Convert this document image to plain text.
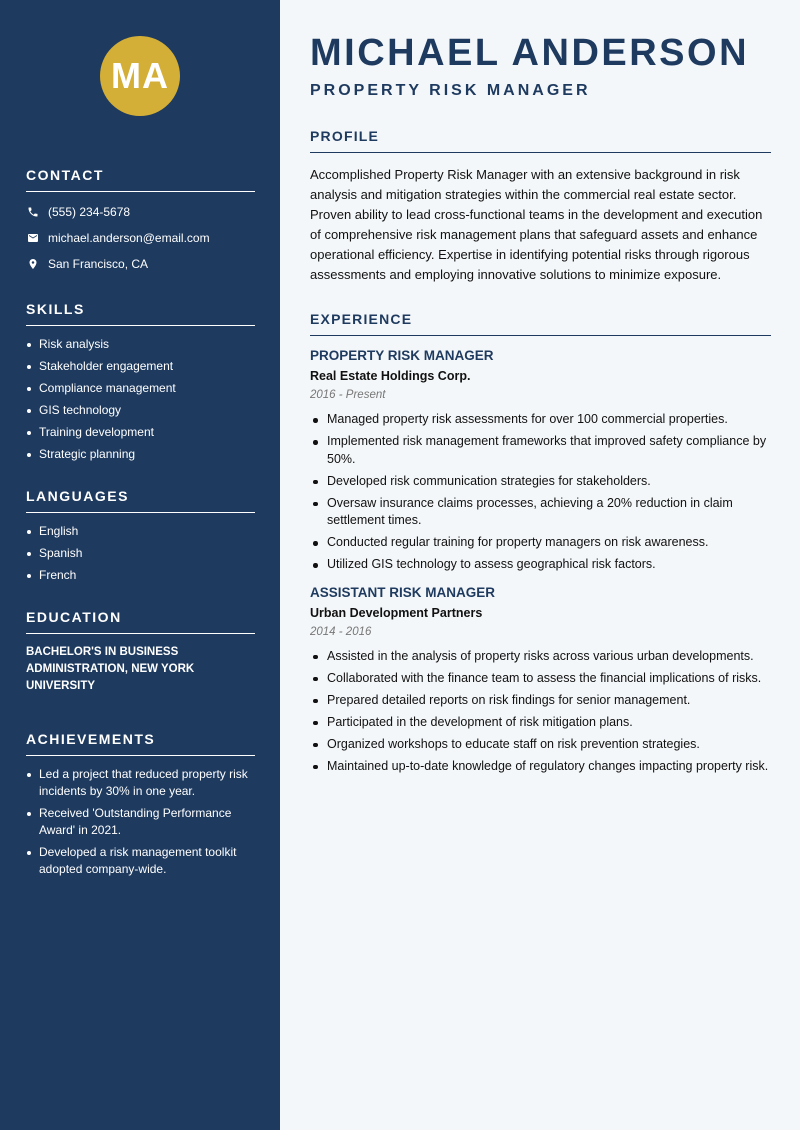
MA
CONTACT
(555) 234-5678
michael.anderson@email.com
San Francisco, CA
SKILLS
Risk analysis
Stakeholder engagement
Compliance management
GIS technology
Training development
Strategic planning
LANGUAGES
English
Spanish
French
EDUCATION

BACHELOR'S IN BUSINESS ADMINISTRATION, NEW YORK UNIVERSITY

ACHIEVEMENTS
Led a project that reduced property risk incidents by 30% in one year.
Received 'Outstanding Performance Award' in 2021.
Developed a risk management toolkit adopted company-wide.
MICHAEL ANDERSON
PROPERTY RISK MANAGER
PROFILE

Accomplished Property Risk Manager with an extensive background in risk analysis and mitigation strategies within the commercial real estate sector. Proven ability to lead cross-functional teams in the development and execution of comprehensive risk management plans that safeguard assets and enhance operational efficiency. Expertise in identifying potential risks through rigorous assessments and employing innovative solutions to minimize exposure.

EXPERIENCE
PROPERTY RISK MANAGER
Real Estate Holdings Corp.
2016 - Present
Managed property risk assessments for over 100 commercial properties.
Implemented risk management frameworks that improved safety compliance by 50%.
Developed risk communication strategies for stakeholders.
Oversaw insurance claims processes, achieving a 20% reduction in claim settlement times.
Conducted regular training for property managers on risk awareness.
Utilized GIS technology to assess geographical risk factors.
ASSISTANT RISK MANAGER
Urban Development Partners
2014 - 2016
Assisted in the analysis of property risks across various urban developments.
Collaborated with the finance team to assess the financial implications of risks.
Prepared detailed reports on risk findings for senior management.
Participated in the development of risk mitigation plans.
Organized workshops to educate staff on risk prevention strategies.
Maintained up-to-date knowledge of regulatory changes impacting property risk.
